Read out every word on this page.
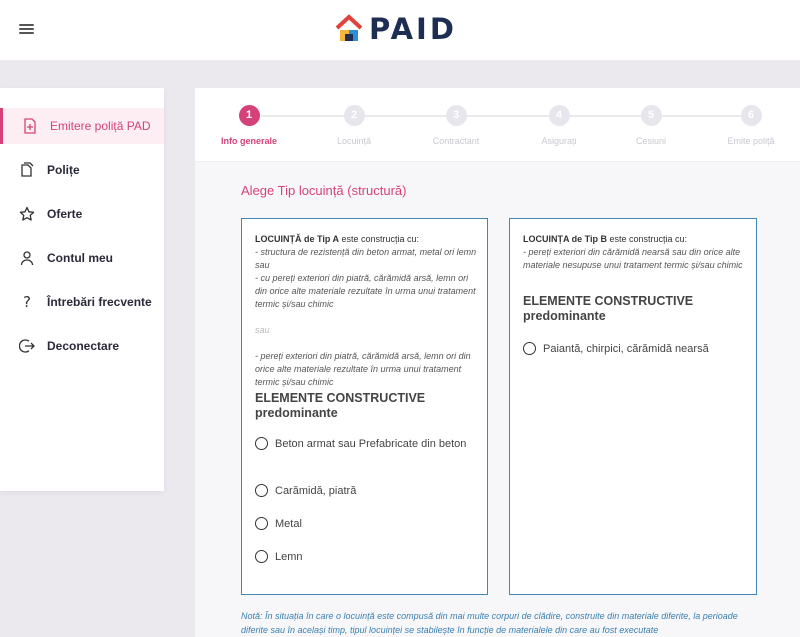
PAID
Emitere poliță PAD
Polițe
Oferte
Contul meu
?	Întrebări frecvente
Deconectare
1
Info generale
2
Locuință
3
Contractant
4
Asigurați
5
Cesiuni
6
Emite poliță
Alege Tip locuință (structură)
LOCUINȚĂ de Tip A este construcția cu:
- structura de rezistență din beton armat, metal ori lemn sau
- cu pereți exteriori din piatră, cărămidă arsă, lemn ori din orice alte materiale rezultate în urma unui tratament termic și/sau chimic
sau
- pereți exteriori din piatră, cărămidă arsă, lemn ori din orice alte materiale rezultate în urma unui tratament termic și/sau chimic
ELEMENTE CONSTRUCTIVE predominante
Beton armat sau Prefabricate din beton
Carămidă, piatră
Metal
Lemn
LOCUINȚA de Tip B este construcția cu:
- pereți exteriori din cărămidă nearsă sau din orice alte materiale nesupuse unui tratament termic și/sau chimic
ELEMENTE CONSTRUCTIVE predominante
Paiantă, chirpici, cărămidă nearsă
Notă: În situația în care o locuință este compusă din mai multe corpuri de clădire, construite din materiale diferite, la perioade diferite sau în același timp, tipul locuinței se stabilește în funcție de materialele din care au fost executate
